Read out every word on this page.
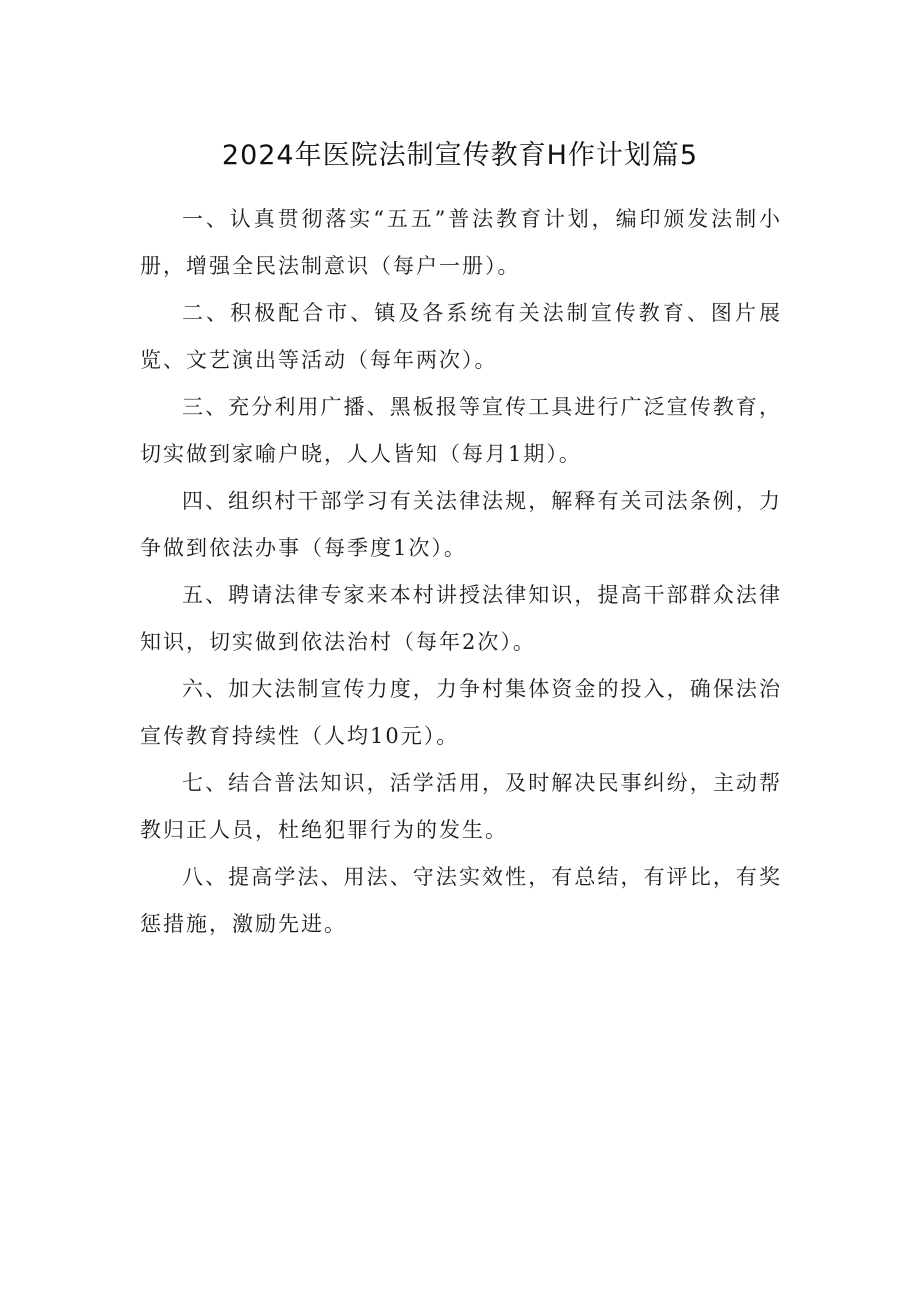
2024年医院法制宣传教育H作计划篇5

一、认真贯彻落实“五五”普法教育计划，编印颁发法制小册，增强全民法制意识（每户一册）。

二、积极配合市、镇及各系统有关法制宣传教育、图片展览、文艺演出等活动（每年两次）。

三、充分利用广播、黑板报等宣传工具进行广泛宣传教育，切实做到家喻户晓，人人皆知（每月1期）。

四、组织村干部学习有关法律法规，解释有关司法条例，力争做到依法办事（每季度1次）。

五、聘请法律专家来本村讲授法律知识，提高干部群众法律知识，切实做到依法治村（每年2次）。

六、加大法制宣传力度，力争村集体资金的投入，确保法治宣传教育持续性（人均10元）。

七、结合普法知识，活学活用，及时解决民事纠纷，主动帮教归正人员，杜绝犯罪行为的发生。

八、提高学法、用法、守法实效性，有总结，有评比，有奖惩措施，激励先进。
